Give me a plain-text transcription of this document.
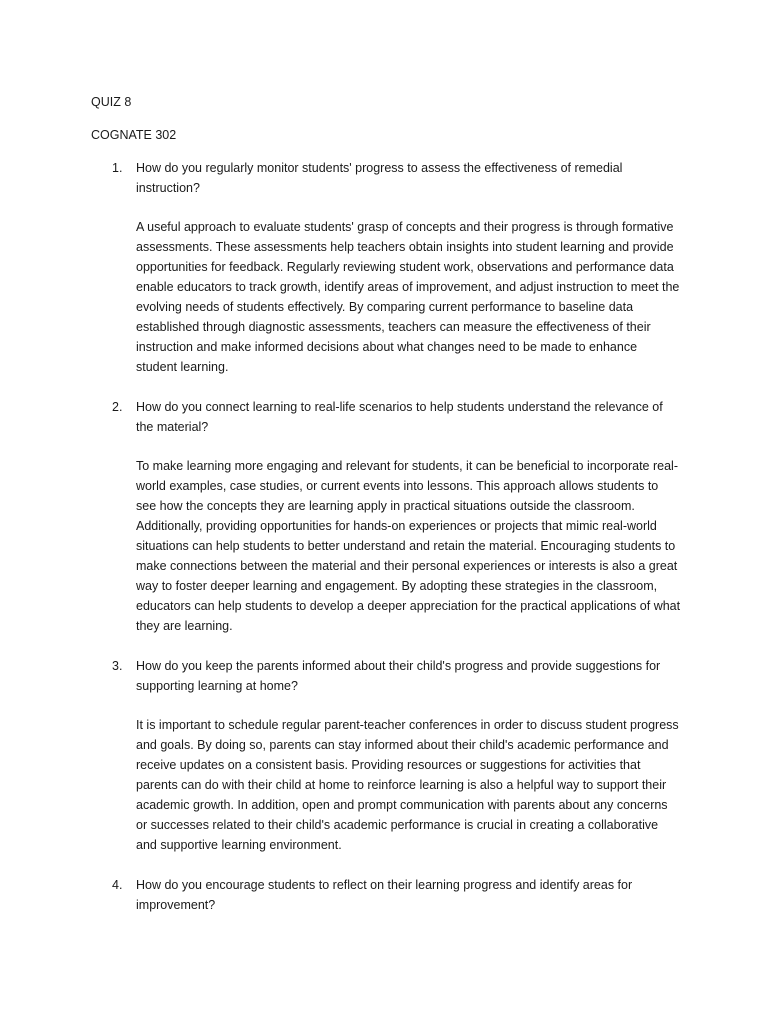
QUIZ 8

COGNATE 302

1. How do you regularly monitor students' progress to assess the effectiveness of remedial instruction?

A useful approach to evaluate students' grasp of concepts and their progress is through formative assessments. These assessments help teachers obtain insights into student learning and provide opportunities for feedback. Regularly reviewing student work, observations and performance data enable educators to track growth, identify areas of improvement, and adjust instruction to meet the evolving needs of students effectively. By comparing current performance to baseline data established through diagnostic assessments, teachers can measure the effectiveness of their instruction and make informed decisions about what changes need to be made to enhance student learning.

2. How do you connect learning to real-life scenarios to help students understand the relevance of the material?

To make learning more engaging and relevant for students, it can be beneficial to incorporate real-world examples, case studies, or current events into lessons. This approach allows students to see how the concepts they are learning apply in practical situations outside the classroom. Additionally, providing opportunities for hands-on experiences or projects that mimic real-world situations can help students to better understand and retain the material. Encouraging students to make connections between the material and their personal experiences or interests is also a great way to foster deeper learning and engagement. By adopting these strategies in the classroom, educators can help students to develop a deeper appreciation for the practical applications of what they are learning.

3. How do you keep the parents informed about their child's progress and provide suggestions for supporting learning at home?

It is important to schedule regular parent-teacher conferences in order to discuss student progress and goals. By doing so, parents can stay informed about their child's academic performance and receive updates on a consistent basis. Providing resources or suggestions for activities that parents can do with their child at home to reinforce learning is also a helpful way to support their academic growth. In addition, open and prompt communication with parents about any concerns or successes related to their child's academic performance is crucial in creating a collaborative and supportive learning environment.

4. How do you encourage students to reflect on their learning progress and identify areas for improvement?
